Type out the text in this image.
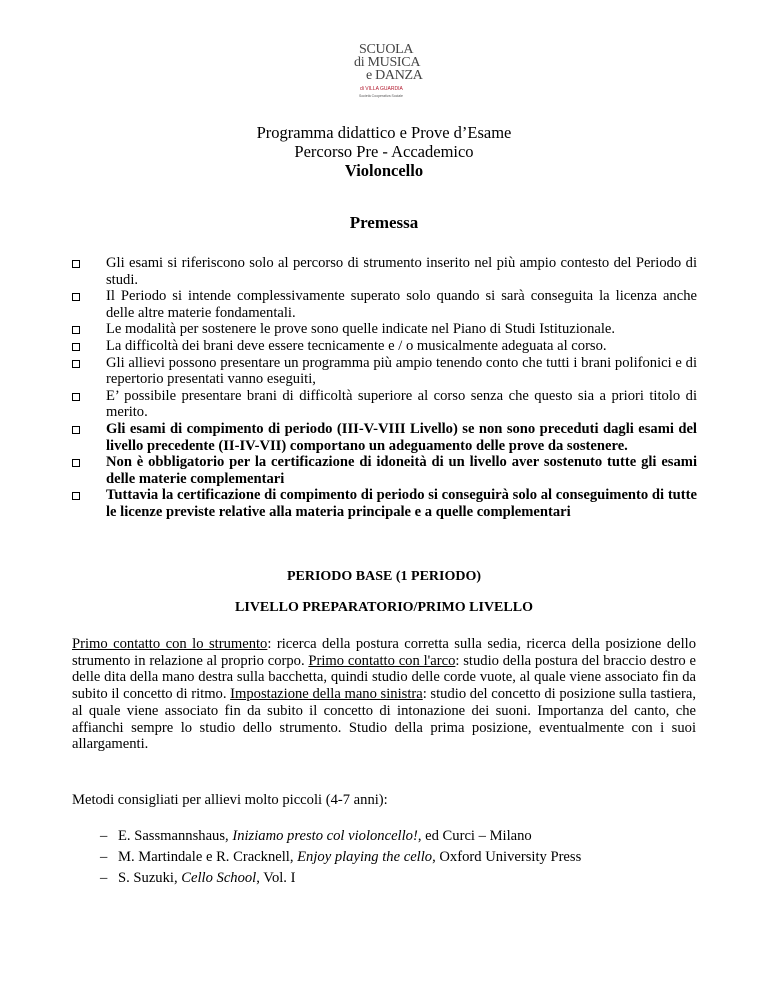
SCUOLA
di MUSICA
e DANZA
di VILLA GUARDIA
Società Cooperativa Sociale
Programma didattico e Prove d’Esame
Percorso Pre - Accademico
Violoncello
Premessa
Gli esami si riferiscono solo al percorso di strumento inserito nel più ampio contesto del Periodo di studi.
Il Periodo si intende complessivamente superato solo quando si sarà conseguita la licenza anche delle altre materie fondamentali.
Le modalità per sostenere le prove sono quelle indicate nel Piano di Studi Istituzionale.
La difficoltà dei brani deve essere tecnicamente e / o musicalmente adeguata al corso.
Gli allievi possono presentare un programma più ampio tenendo conto che tutti i brani polifonici e di repertorio presentati vanno eseguiti,
E’ possibile presentare brani di difficoltà superiore al corso senza che questo sia a priori titolo di merito.
Gli esami di compimento di periodo (III-V-VIII Livello) se non sono preceduti dagli esami del livello precedente (II-IV-VII) comportano un adeguamento delle prove da sostenere.
Non è obbligatorio per la certificazione di idoneità di un livello aver sostenuto tutte gli esami delle materie complementari
Tuttavia la certificazione di compimento di periodo si conseguirà solo al conseguimento di tutte le licenze previste relative alla materia principale e a quelle complementari
PERIODO BASE (1 PERIODO)
LIVELLO PREPARATORIO/PRIMO LIVELLO
Primo contatto con lo strumento: ricerca della postura corretta sulla sedia, ricerca della posizione dello strumento in relazione al proprio corpo. Primo contatto con l'arco: studio della postura del braccio destro e delle dita della mano destra sulla bacchetta, quindi studio delle corde vuote, al quale viene associato fin da subito il concetto di ritmo. Impostazione della mano sinistra: studio del concetto di posizione sulla tastiera, al quale viene associato fin da subito il concetto di intonazione dei suoni. Importanza del canto, che affianchi sempre lo studio dello strumento. Studio della prima posizione, eventualmente con i suoi allargamenti.
Metodi consigliati per allievi molto piccoli (4-7 anni):
– E. Sassmannshaus, Iniziamo presto col violoncello!, ed Curci – Milano
– M. Martindale e R. Cracknell, Enjoy playing the cello, Oxford University Press
– S. Suzuki, Cello School, Vol. I
